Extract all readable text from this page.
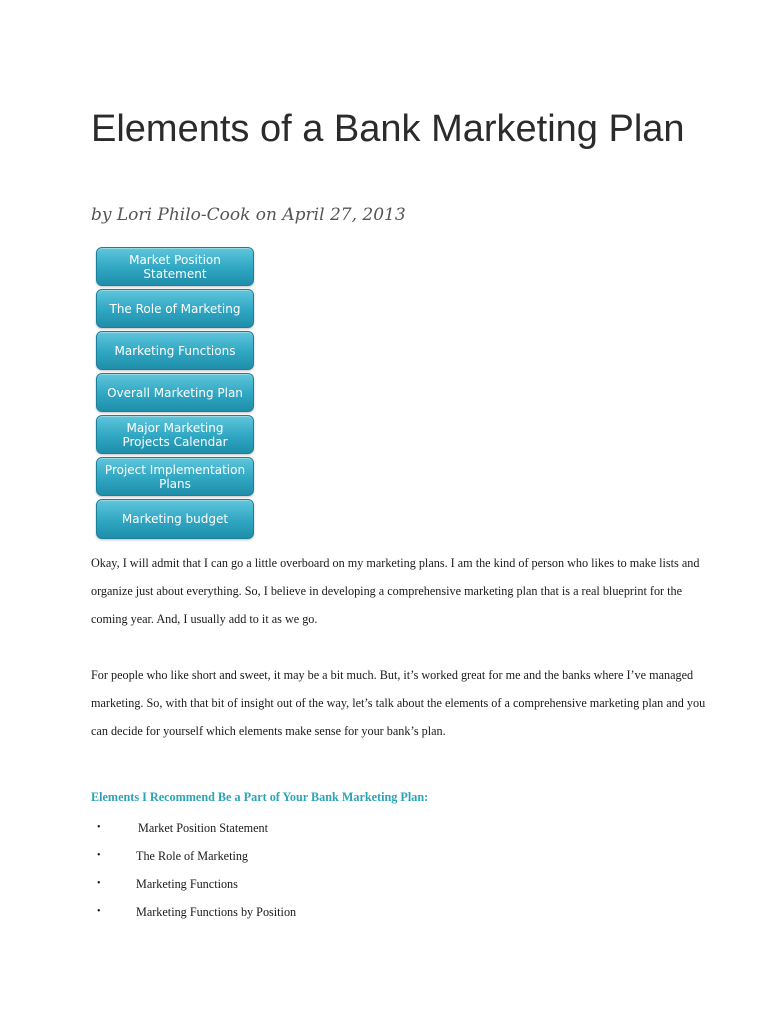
Elements of a Bank Marketing Plan
by Lori Philo-Cook on April 27, 2013
Market Position Statement
The Role of Marketing
Marketing Functions
Overall Marketing Plan
Major Marketing Projects Calendar
Project Implementation Plans
Marketing budget

Okay, I will admit that I can go a little overboard on my marketing plans. I am the kind of person who likes to make lists and organize just about everything. So, I believe in developing a comprehensive marketing plan that is a real blueprint for the coming year. And, I usually add to it as we go.

For people who like short and sweet, it may be a bit much. But, it’s worked great for me and the banks where I’ve managed marketing. So, with that bit of insight out of the way, let’s talk about the elements of a comprehensive marketing plan and you can decide for yourself which elements make sense for your bank’s plan.

Elements I Recommend Be a Part of Your Bank Marketing Plan:
•	Market Position Statement
•	The Role of Marketing
•	Marketing Functions
•	Marketing Functions by Position
